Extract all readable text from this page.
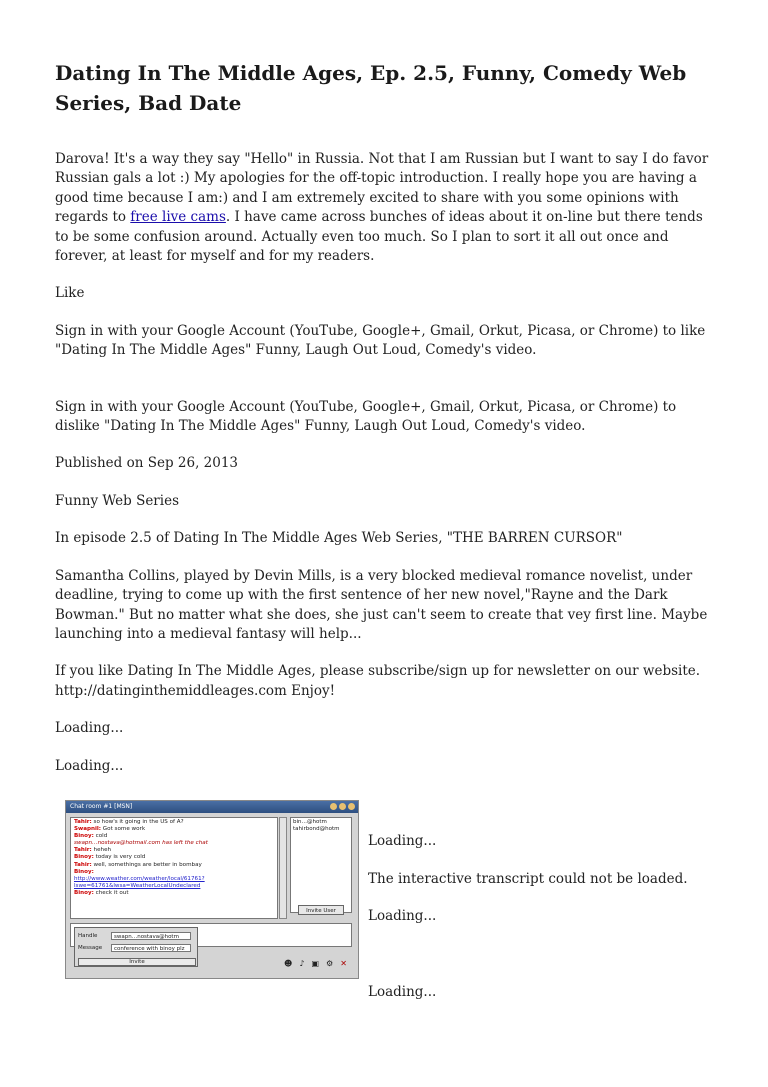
Dating In The Middle Ages, Ep. 2.5, Funny, Comedy Web Series, Bad Date

Darova! It's a way they say "Hello" in Russia. Not that I am Russian but I want to say I do favor Russian gals a lot :) My apologies for the off-topic introduction. I really hope you are having a good time because I am:) and I am extremely excited to share with you some opinions with regards to free live cams. I have came across bunches of ideas about it on-line but there tends to be some confusion around. Actually even too much. So I plan to sort it all out once and forever, at least for myself and for my readers.

Like

Sign in with your Google Account (YouTube, Google+, Gmail, Orkut, Picasa, or Chrome) to like "Dating In The Middle Ages" Funny, Laugh Out Loud, Comedy's video.

Sign in with your Google Account (YouTube, Google+, Gmail, Orkut, Picasa, or Chrome) to dislike "Dating In The Middle Ages" Funny, Laugh Out Loud, Comedy's video.

Published on Sep 26, 2013

Funny Web Series

In episode 2.5 of Dating In The Middle Ages Web Series, "THE BARREN CURSOR"

Samantha Collins, played by Devin Mills, is a very blocked medieval romance novelist, under deadline, trying to come up with the first sentence of her new novel,"Rayne and the Dark Bowman." But no matter what she does, she just can't seem to create that vey first line. Maybe launching into a medieval fantasy will help...

If you like Dating In The Middle Ages, please subscribe/sign up for newsletter on our website. http://datinginthemiddleages.com Enjoy!

Loading...

Loading...

Chat room #1 [MSN]
Tahir: so how's it going in the US of A?
Swapnil: Got some work
Binoy: cold
swapn…nostava@hotmail.com has left the chat
Tahir: heheh
Binoy: today is very cold
Tahir: well, somethings are better in bombay
Binoy:
http://www.weather.com/weather/local/61761?lswe=61761&lwsa=WeatherLocalUndeclared
Binoy: check it out
bin…@hotm
tahirbond@hotm
Invite User
Handle	swapn…nostava@hotm
Message	conference with binoy plz
Invite	☻ ♪ ▣ ⚙ ✕

Loading...

The interactive transcript could not be loaded.

Loading...

Loading...
